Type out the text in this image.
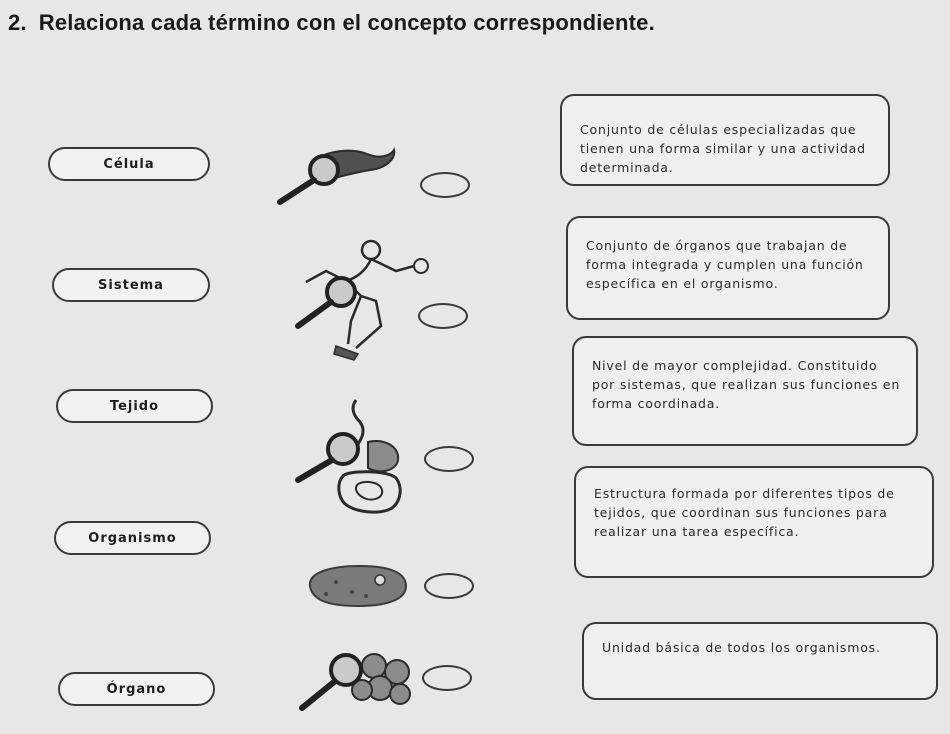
2. Relaciona cada término con el concepto correspondiente.
Célula
Sistema
Tejido
Organismo
Órgano
Conjunto de células especializadas que tienen una forma similar y una actividad determinada.
Conjunto de órganos que trabajan de forma integrada y cumplen una función específica en el organismo.
Nivel de mayor complejidad. Constituido por sistemas, que realizan sus funciones en forma coordinada.
Estructura formada por diferentes tipos de tejidos, que coordinan sus funciones para realizar una tarea específica.
Unidad básica de todos los organismos.
